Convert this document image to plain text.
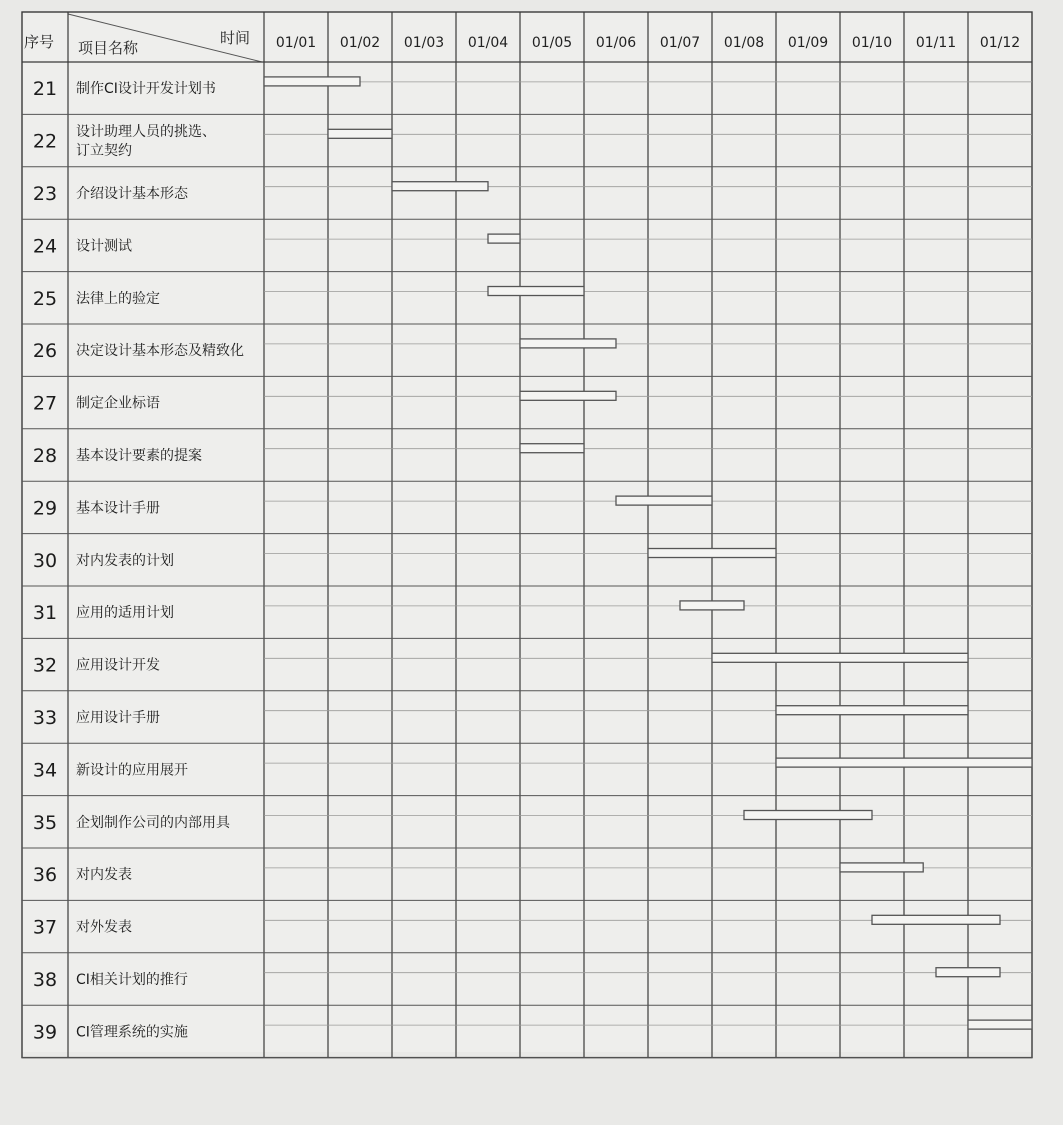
序号 项目名称
时间 01/01 01/02 01/03 01/04 01/05 01/06 01/07 01/08 01/09 01/10 01/11 01/12
21 制作CI设计开发计划书
22 设计助理人员的挑选、
订立契约
23 介绍设计基本形态
24 设计测试
25 法律上的验定
26 决定设计基本形态及精致化
27 制定企业标语
28 基本设计要素的提案
29 基本设计手册
30 对内发表的计划
31 应用的适用计划
32 应用设计开发
33 应用设计手册
34 新设计的应用展开
35 企划制作公司的内部用具
36 对内发表
37 对外发表
38 CI相关计划的推行
39 CI管理系统的实施
